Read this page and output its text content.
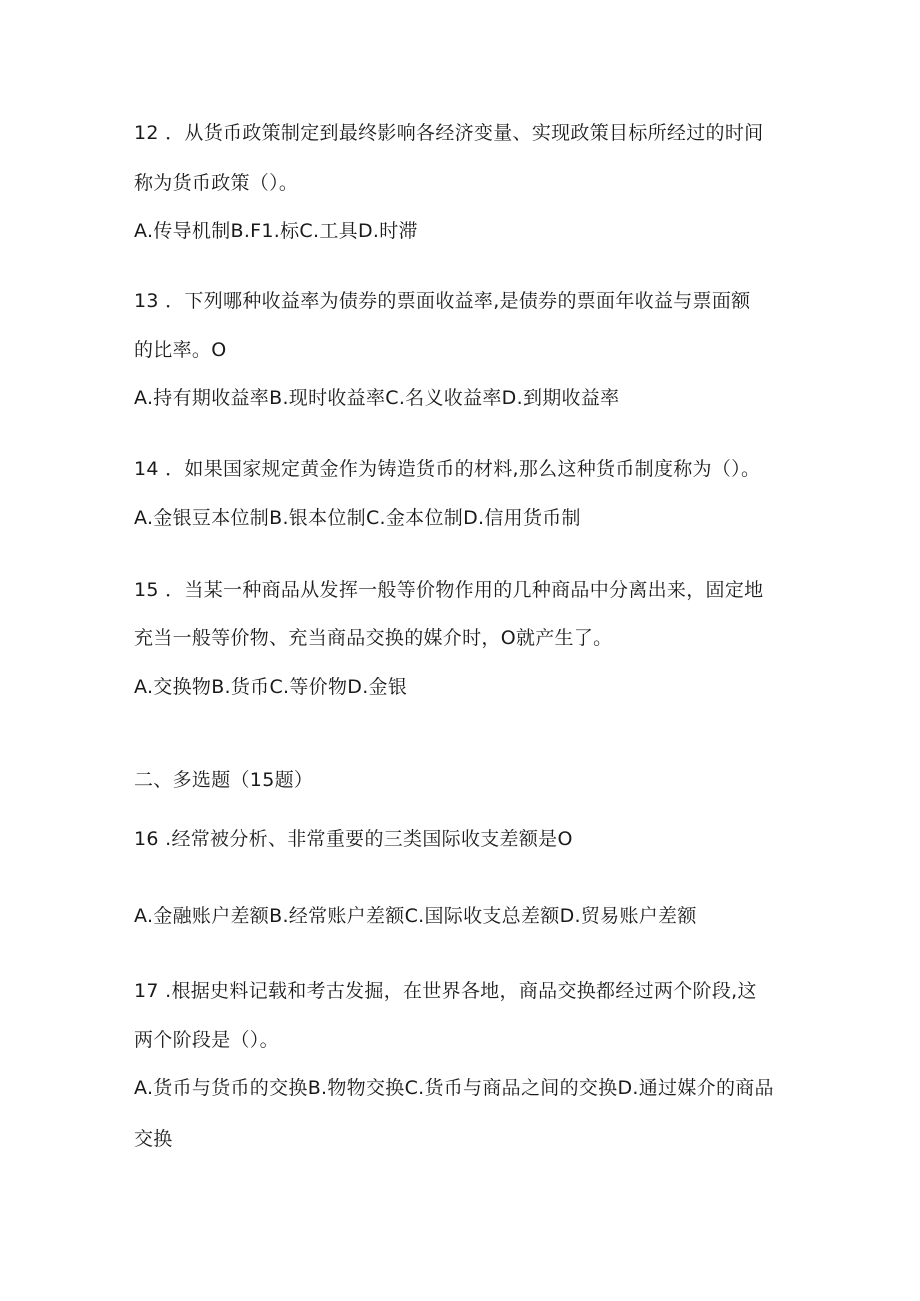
12 ．从货币政策制定到最终影响各经济变量、实现政策目标所经过的时间
称为货币政策（）。
A.传导机制B.F1.标C.工具D.时滞
13 ．下列哪种收益率为债券的票面收益率,是债券的票面年收益与票面额
的比率。O
A.持有期收益率B.现时收益率C.名义收益率D.到期收益率
14 ．如果国家规定黄金作为铸造货币的材料,那么这种货币制度称为（）。
A.金银豆本位制B.银本位制C.金本位制D.信用货币制
15 ．当某一种商品从发挥一般等价物作用的几种商品中分离出来，固定地
充当一般等价物、充当商品交换的媒介时，O就产生了。
A.交换物B.货币C.等价物D.金银
二、多选题（15题）
16 .经常被分析、非常重要的三类国际收支差额是O
A.金融账户差额B.经常账户差额C.国际收支总差额D.贸易账户差额
17 .根据史料记载和考古发掘，在世界各地，商品交换都经过两个阶段,这
两个阶段是（）。
A.货币与货币的交换B.物物交换C.货币与商品之间的交换D.通过媒介的商品
交换
